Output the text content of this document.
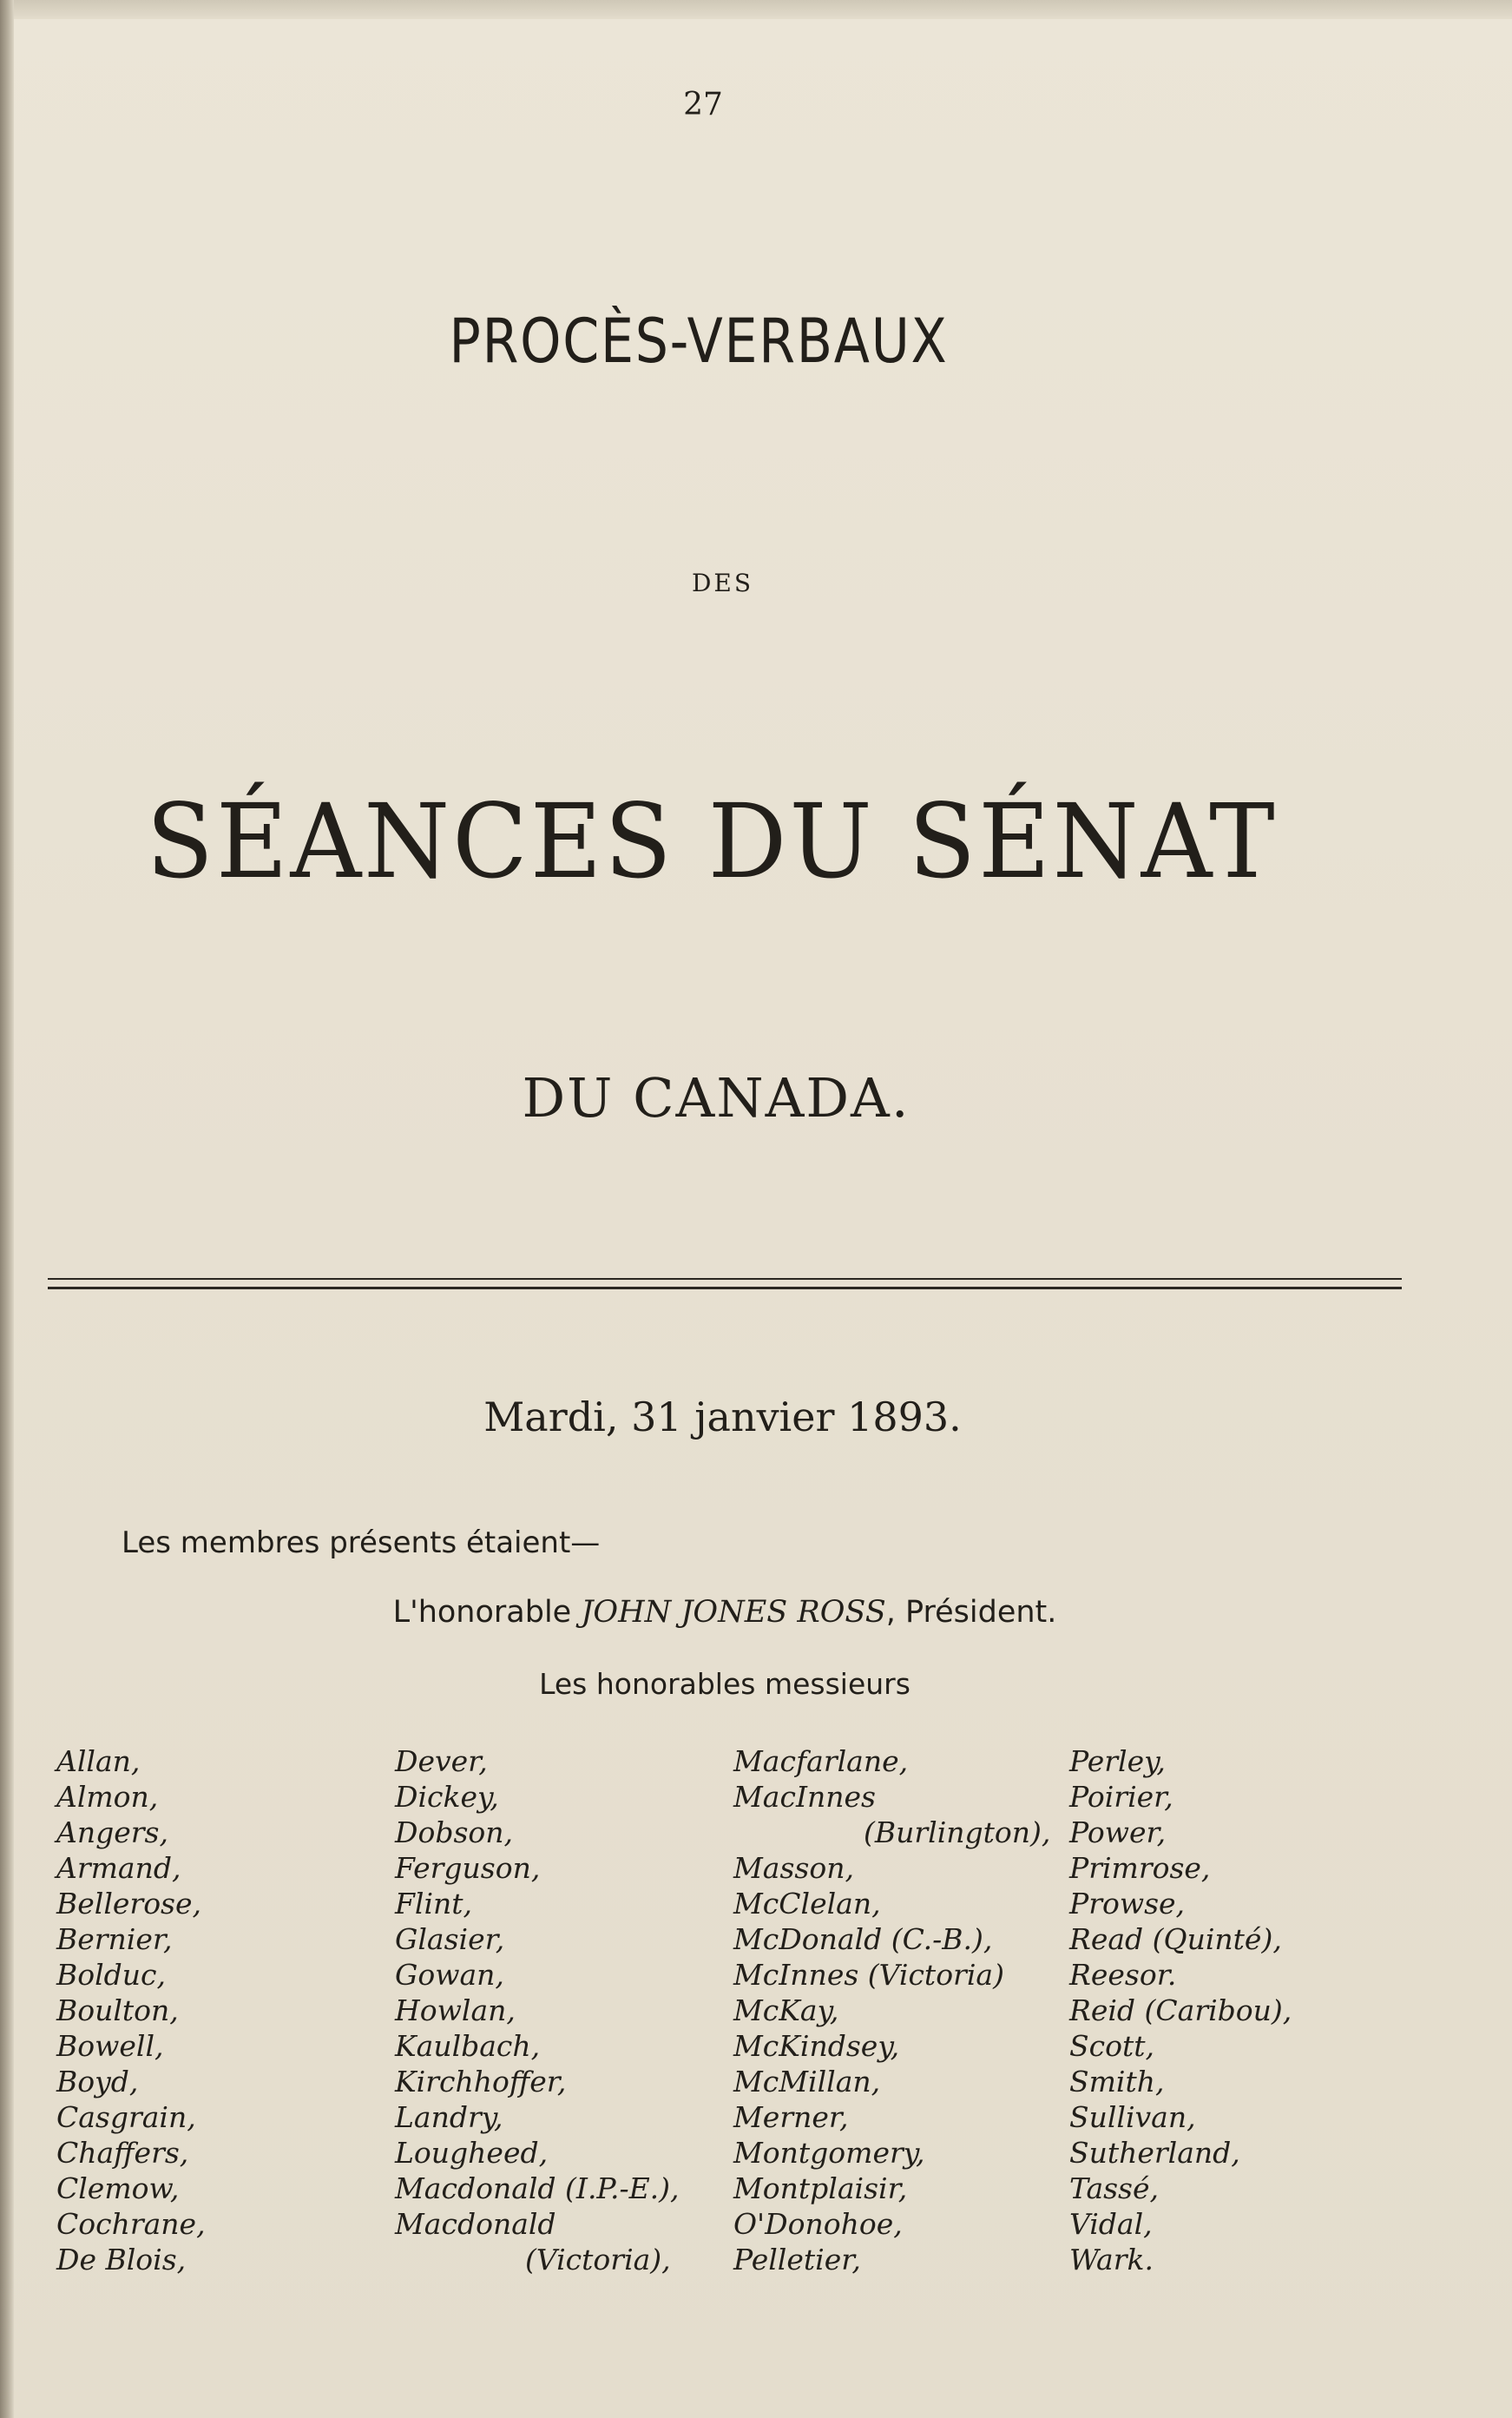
27
PROCÈS-VERBAUX
DES
SÉANCES DU SÉNAT
DU CANADA.
Mardi, 31 janvier 1893.
Les membres présents étaient—
L'honorable JOHN JONES ROSS, Président.
Les honorables messieurs
Allan,
Almon,
Angers,
Armand,
Bellerose,
Bernier,
Bolduc,
Boulton,
Bowell,
Boyd,
Casgrain,
Chaffers,
Clemow,
Cochrane,
De Blois,
Dever,
Dickey,
Dobson,
Ferguson,
Flint,
Glasier,
Gowan,
Howlan,
Kaulbach,
Kirchhoffer,
Landry,
Lougheed,
Macdonald (I.P.-E.),
Macdonald
(Victoria),
Macfarlane,
MacInnes
(Burlington),
Masson,
McClelan,
McDonald (C.-B.),
McInnes (Victoria)
McKay,
McKindsey,
McMillan,
Merner,
Montgomery,
Montplaisir,
O'Donohoe,
Pelletier,
Perley,
Poirier,
Power,
Primrose,
Prowse,
Read (Quinté),
Reesor.
Reid (Caribou),
Scott,
Smith,
Sullivan,
Sutherland,
Tassé,
Vidal,
Wark.
